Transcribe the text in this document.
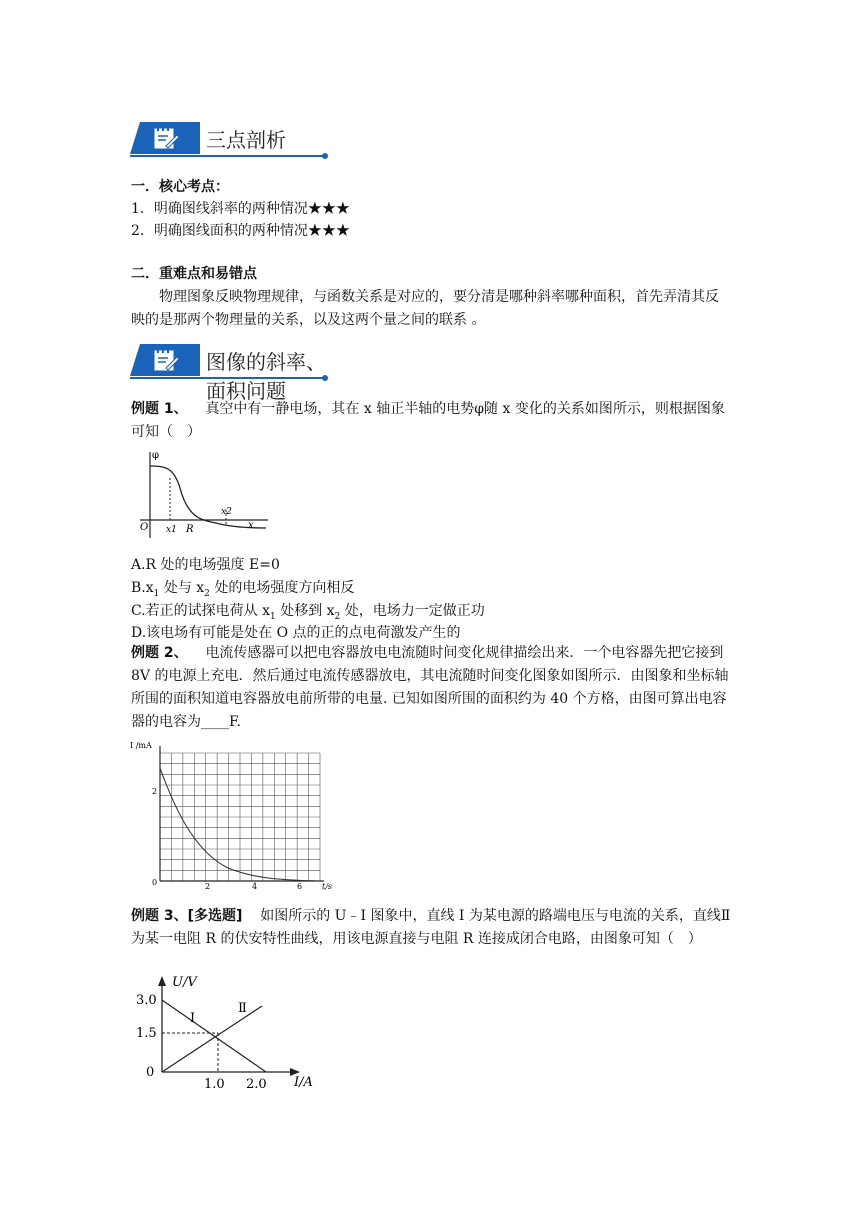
三点剖析
一．核心考点：
1．明确图线斜率的两种情况★★★
2．明确图线面积的两种情况★★★
二．重难点和易错点
物理图象反映物理规律，与函数关系是对应的，要分清是哪种斜率哪种面积，首先弄清其反映的是那两个物理量的关系，以及这两个量之间的联系 。
图像的斜率、面积问题
例题 1、 真空中有一静电场，其在 x 轴正半轴的电势φ随 x 变化的关系如图所示，则根据图象可知（　）
φ
O x1 R
x2
x
A.R 处的电场强度 E=0
$B.x_1$ 处与 $x_2$ 处的电场强度方向相反
C.若正的试探电荷从 $x_1$ 处移到 $x_2$ 处，电场力一定做正功
D.该电场有可能是处在 O 点的正的点电荷激发产生的
例题 2、 电流传感器可以把电容器放电电流随时间变化规律描绘出来．一个电容器先把它接到 8V 的电源上充电．然后通过电流传感器放电，其电流随时间变化图象如图所示．由图象和坐标轴所围的面积知道电容器放电前所带的电量. 已知如图所围的面积约为 40 个方格，由图可算出电容器的电容为____F.
I /mA
0
2
2	4	6 t/s
例题 3、[多选题] 如图所示的 U﹣I 图象中，直线 I 为某电源的路端电压与电流的关系，直线Ⅱ为某一电阻 R 的伏安特性曲线，用该电源直接与电阻 R 连接成闭合电路，由图象可知（　）
U/V
3.0
1.5
0
1.0 2.0 I/A
I
Ⅱ
